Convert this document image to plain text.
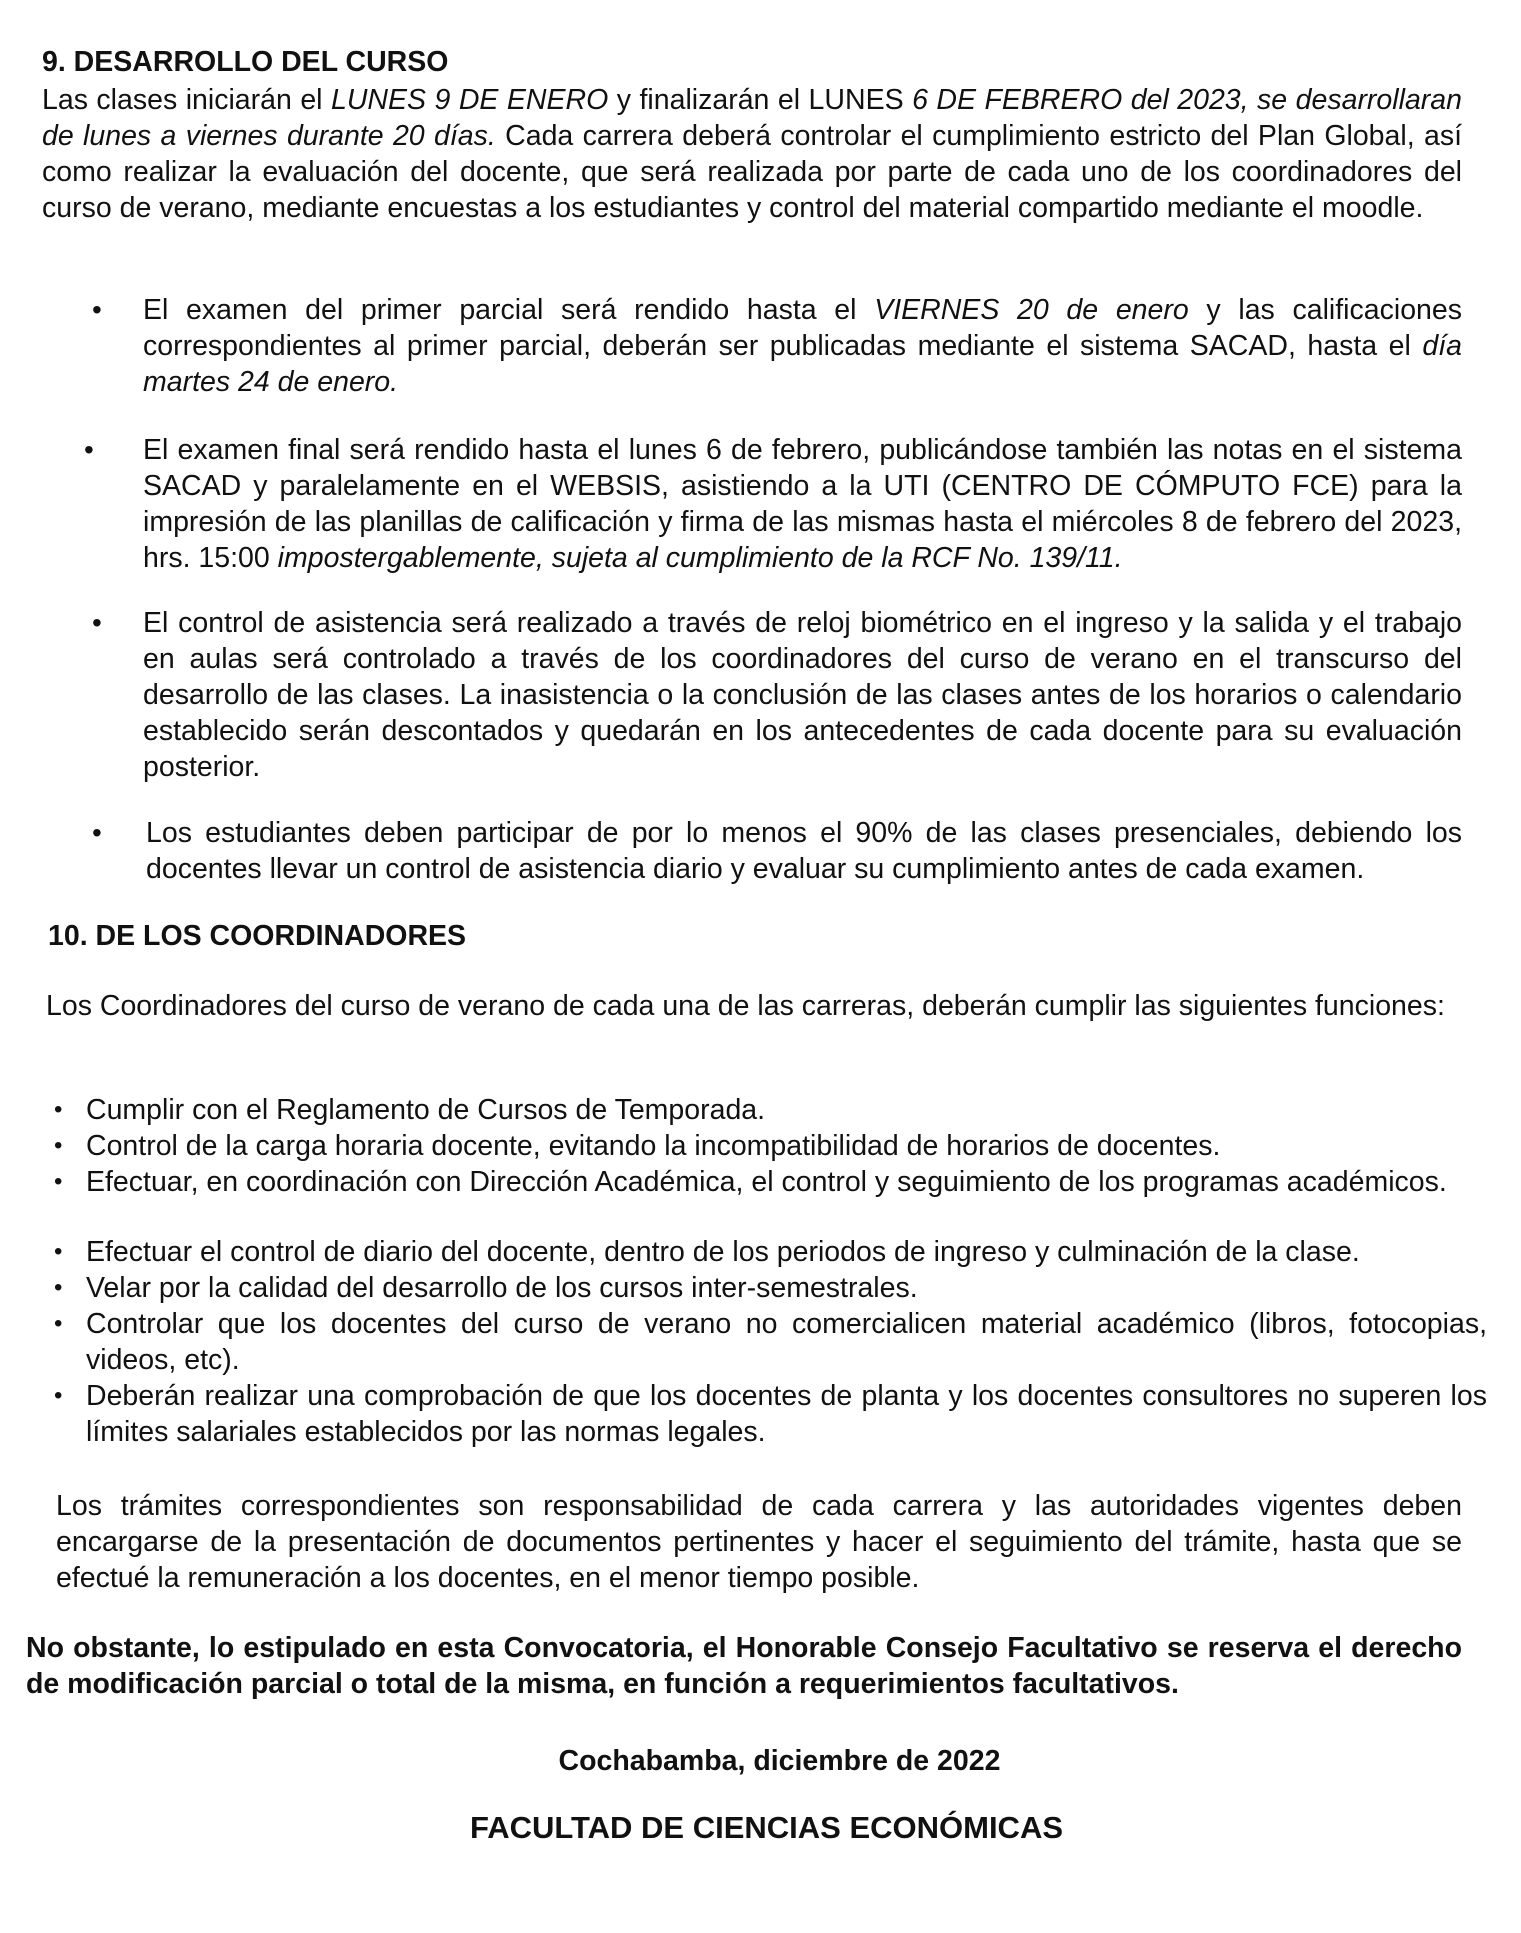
9. DESARROLLO DEL CURSO

Las clases iniciarán el LUNES 9 DE ENERO y finalizarán el LUNES 6 DE FEBRERO del 2023, se desarrollaran de lunes a viernes durante 20 días. Cada carrera deberá controlar el cumplimiento estricto del Plan Global, así como realizar la evaluación del docente, que será realizada por parte de cada uno de los coordinadores del curso de verano, mediante encuestas a los estudiantes y control del material compartido mediante el moodle.

• El examen del primer parcial será rendido hasta el VIERNES 20 de enero y las calificaciones correspondientes al primer parcial, deberán ser publicadas mediante el sistema SACAD, hasta el día martes 24 de enero.

• El examen final será rendido hasta el lunes 6 de febrero, publicándose también las notas en el sistema SACAD y paralelamente en el WEBSIS, asistiendo a la UTI (CENTRO DE CÓMPUTO FCE) para la impresión de las planillas de calificación y firma de las mismas hasta el miércoles 8 de febrero del 2023, hrs. 15:00 impostergablemente, sujeta al cumplimiento de la RCF No. 139/11.

• El control de asistencia será realizado a través de reloj biométrico en el ingreso y la salida y el trabajo en aulas será controlado a través de los coordinadores del curso de verano en el transcurso del desarrollo de las clases. La inasistencia o la conclusión de las clases antes de los horarios o calendario establecido serán descontados y quedarán en los antecedentes de cada docente para su evaluación posterior.

• Los estudiantes deben participar de por lo menos el 90% de las clases presenciales, debiendo los docentes llevar un control de asistencia diario y evaluar su cumplimiento antes de cada examen.

10. DE LOS COORDINADORES

Los Coordinadores del curso de verano de cada una de las carreras, deberán cumplir las siguientes funciones:

• Cumplir con el Reglamento de Cursos de Temporada.

• Control de la carga horaria docente, evitando la incompatibilidad de horarios de docentes.

• Efectuar, en coordinación con Dirección Académica, el control y seguimiento de los programas académicos.

• Efectuar el control de diario del docente, dentro de los periodos de ingreso y culminación de la clase.

• Velar por la calidad del desarrollo de los cursos inter-semestrales.

• Controlar que los docentes del curso de verano no comercialicen material académico (libros, fotocopias, videos, etc).

• Deberán realizar una comprobación de que los docentes de planta y los docentes consultores no superen los límites salariales establecidos por las normas legales.

Los trámites correspondientes son responsabilidad de cada carrera y las autoridades vigentes deben encargarse de la presentación de documentos pertinentes y hacer el seguimiento del trámite, hasta que se efectué la remuneración a los docentes, en el menor tiempo posible.

No obstante, lo estipulado en esta Convocatoria, el Honorable Consejo Facultativo se reserva el derecho de modificación parcial o total de la misma, en función a requerimientos facultativos.

Cochabamba, diciembre de 2022
FACULTAD DE CIENCIAS ECONÓMICAS
